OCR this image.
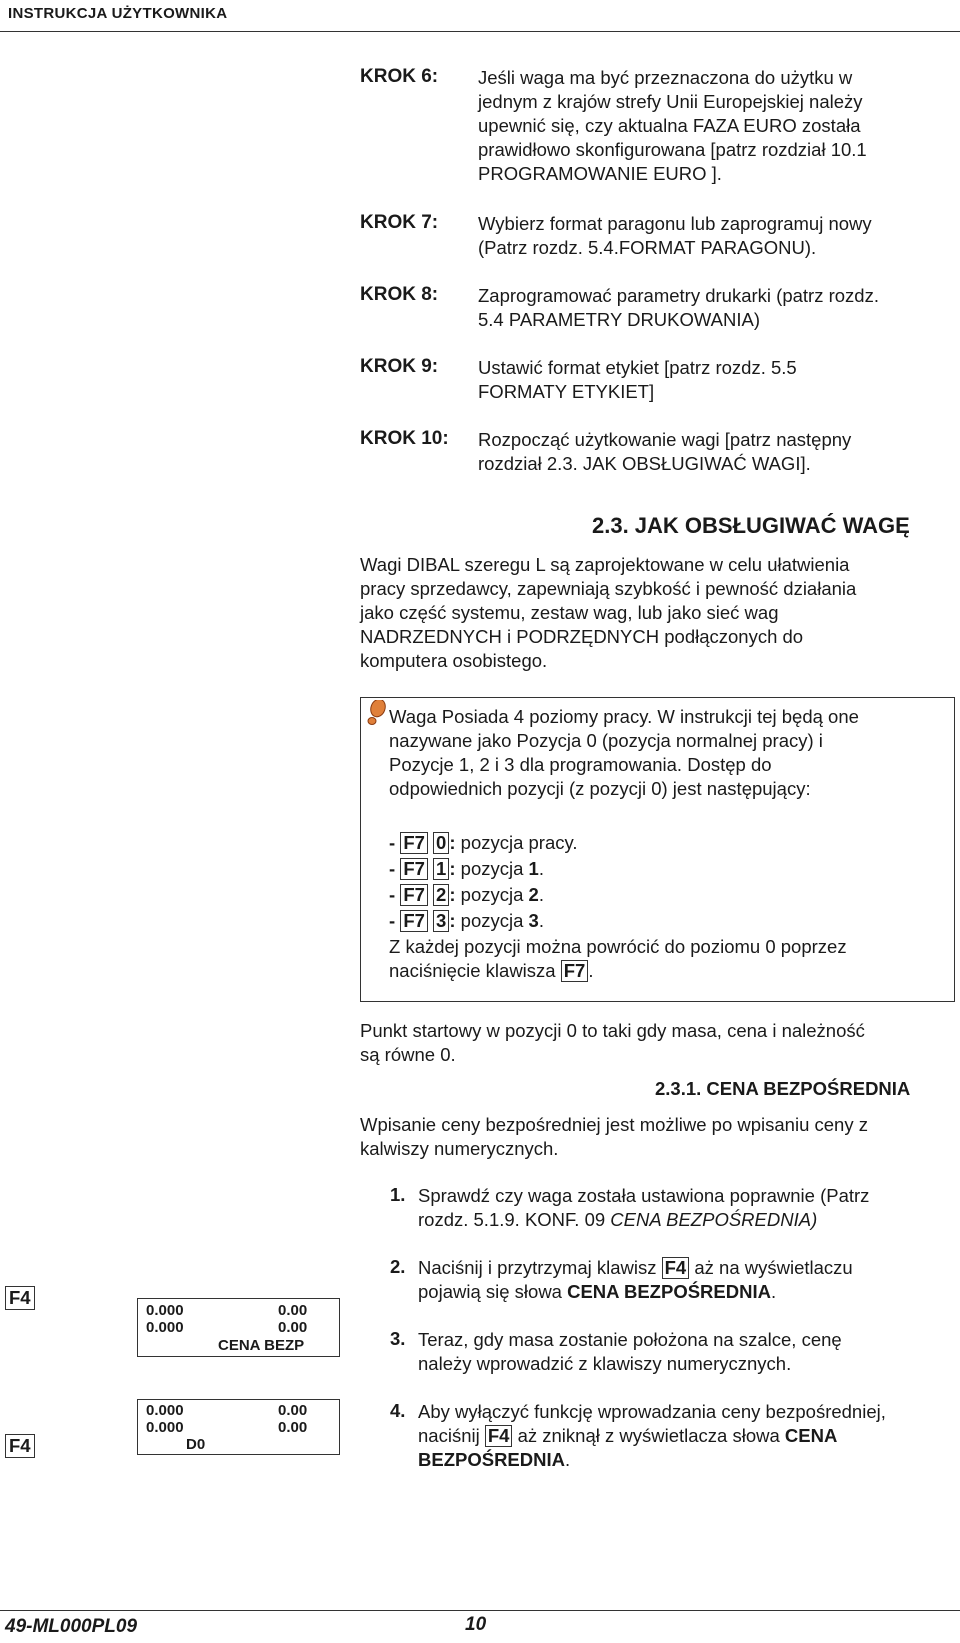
INSTRUKCJA UŻYTKOWNIKA
KROK 6: Jeśli waga ma być przeznaczona do użytku w
jednym z krajów strefy Unii Europejskiej należy
upewnić się, czy aktualna FAZA EURO została
prawidłowo skonfigurowana [patrz rozdział 10.1
PROGRAMOWANIE EURO ].
KROK 7: Wybierz format paragonu lub zaprogramuj nowy
(Patrz rozdz. 5.4.FORMAT PARAGONU).
KROK 8: Zaprogramować parametry drukarki (patrz rozdz.
5.4 PARAMETRY DRUKOWANIA)
KROK 9: Ustawić format etykiet [patrz rozdz. 5.5
FORMATY ETYKIET]
KROK 10: Rozpocząć użytkowanie wagi [patrz następny
rozdział 2.3. JAK OBSŁUGIWAĆ WAGI].
2.3. JAK OBSŁUGIWAĆ WAGĘ
Wagi DIBAL szeregu L są zaprojektowane w celu ułatwienia
pracy sprzedawcy, zapewniają szybkość i pewność działania
jako część systemu, zestaw wag, lub jako sieć wag
NADRZEDNYCH i PODRZĘDNYCH podłączonych do
komputera osobistego.
Waga Posiada 4 poziomy pracy. W instrukcji tej będą one
nazywane jako Pozycja 0 (pozycja normalnej pracy) i
Pozycje 1, 2 i 3 dla programowania. Dostęp do
odpowiednich pozycji (z pozycji 0) jest następujący:
- F7 0 : pozycja pracy.
- F7 1 : pozycja 1.
- F7 2 : pozycja 2.
- F7 3 : pozycja 3.
Z każdej pozycji można powrócić do poziomu 0 poprzez
naciśnięcie klawisza F7 .
Punkt startowy w pozycji 0 to taki gdy masa, cena i należność
są równe 0.
2.3.1. CENA BEZPOŚREDNIA
Wpisanie ceny bezpośredniej jest możliwe po wpisaniu ceny z
kalwiszy numerycznych.
1. Sprawdź czy waga została ustawiona poprawnie (Patrz
rozdz. 5.1.9. KONF. 09 CENA BEZPOŚREDNIA)
2. Naciśnij i przytrzymaj klawisz F4 aż na wyświetlaczu
pojawią się słowa CENA BEZPOŚREDNIA.
3. Teraz, gdy masa zostanie położona na szalce, cenę
należy wprowadzić z klawiszy numerycznych.
4. Aby wyłączyć funkcję wprowadzania ceny bezpośredniej,
naciśnij F4 aż zniknął z wyświetlacza słowa CENA
BEZPOŚREDNIA.
F4
0.000	0.00
0.000	0.00
CENA BEZP
F4
0.000	0.00
0.000	0.00
D0
49-ML000PL09	10
